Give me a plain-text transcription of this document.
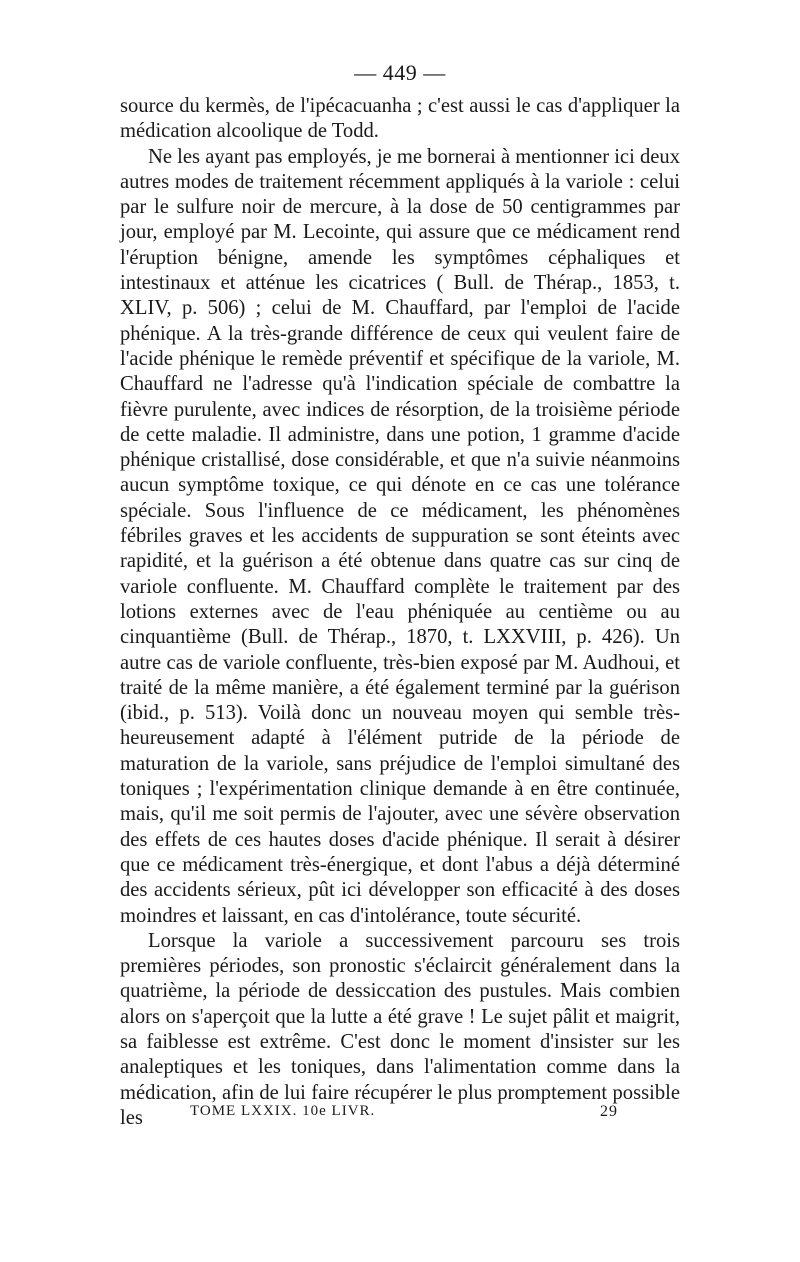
— 449 —

source du kermès, de l'ipécacuanha ; c'est aussi le cas d'appliquer la médication alcoolique de Todd.

Ne les ayant pas employés, je me bornerai à mentionner ici deux autres modes de traitement récemment appliqués à la variole : celui par le sulfure noir de mercure, à la dose de 50 centigrammes par jour, employé par M. Lecointe, qui assure que ce médicament rend l'éruption bénigne, amende les symptômes céphaliques et intestinaux et atténue les cicatrices ( Bull. de Thérap., 1853, t. XLIV, p. 506) ; celui de M. Chauffard, par l'emploi de l'acide phénique. A la très-grande différence de ceux qui veulent faire de l'acide phénique le remède préventif et spécifique de la variole, M. Chauffard ne l'adresse qu'à l'indication spéciale de combattre la fièvre purulente, avec indices de résorption, de la troisième période de cette maladie. Il administre, dans une potion, 1 gramme d'acide phénique cristallisé, dose considérable, et que n'a suivie néanmoins aucun symptôme toxique, ce qui dénote en ce cas une tolérance spéciale. Sous l'influence de ce médicament, les phénomènes fébriles graves et les accidents de suppuration se sont éteints avec rapidité, et la guérison a été obtenue dans quatre cas sur cinq de variole confluente. M. Chauffard complète le traitement par des lotions externes avec de l'eau phéniquée au centième ou au cinquantième (Bull. de Thérap., 1870, t. LXXVIII, p. 426). Un autre cas de variole confluente, très-bien exposé par M. Audhoui, et traité de la même manière, a été également terminé par la guérison (ibid., p. 513). Voilà donc un nouveau moyen qui semble très-heureusement adapté à l'élément putride de la période de maturation de la variole, sans préjudice de l'emploi simultané des toniques ; l'expérimentation clinique demande à en être continuée, mais, qu'il me soit permis de l'ajouter, avec une sévère observation des effets de ces hautes doses d'acide phénique. Il serait à désirer que ce médicament très-énergique, et dont l'abus a déjà déterminé des accidents sérieux, pût ici développer son efficacité à des doses moindres et laissant, en cas d'intolérance, toute sécurité.

Lorsque la variole a successivement parcouru ses trois premières périodes, son pronostic s'éclaircit généralement dans la quatrième, la période de dessiccation des pustules. Mais combien alors on s'aperçoit que la lutte a été grave ! Le sujet pâlit et maigrit, sa faiblesse est extrême. C'est donc le moment d'insister sur les analeptiques et les toniques, dans l'alimentation comme dans la médication, afin de lui faire récupérer le plus promptement possible les	TOME LXXIX. 10e LIVR.	29
